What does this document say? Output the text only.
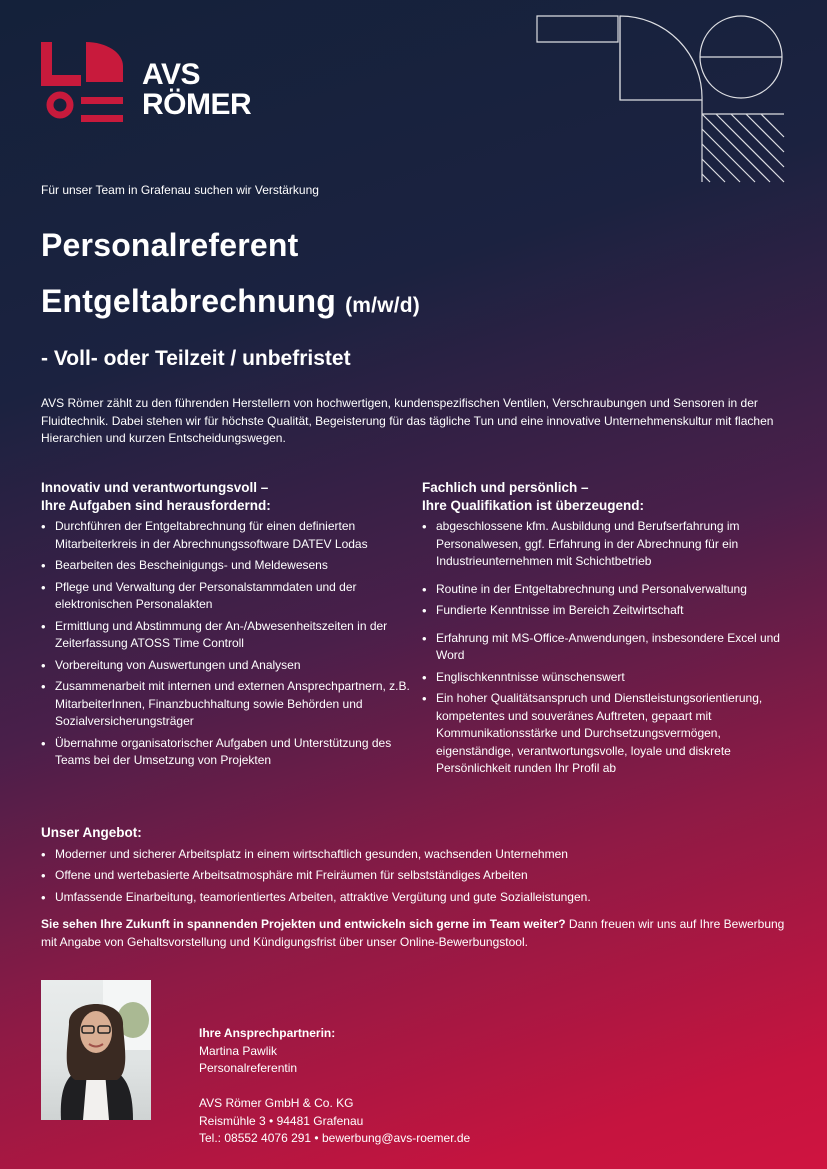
AVS
RÖMER
Für unser Team in Grafenau suchen wir Verstärkung
Personalreferent
Entgeltabrechnung (m/w/d)
- Voll- oder Teilzeit / unbefristet
AVS Römer zählt zu den führenden Herstellern von hochwertigen, kundenspezifischen Ventilen, Verschraubungen und Sensoren in der Fluidtechnik. Dabei stehen wir für höchste Qualität, Begeisterung für das tägliche Tun und eine innovative Unternehmenskultur mit flachen Hierarchien und kurzen Entscheidungswegen.
Innovativ und verantwortungsvoll –
Ihre Aufgaben sind herausfordernd:
• Durchführen der Entgeltabrechnung für einen definierten Mitarbeiterkreis in der Abrechnungssoftware DATEV Lodas
• Bearbeiten des Bescheinigungs- und Meldewesens
• Pflege und Verwaltung der Personalstammdaten und der elektronischen Personalakten
• Ermittlung und Abstimmung der An-/Abwesenheitszeiten in der Zeiterfassung ATOSS Time Controll
• Vorbereitung von Auswertungen und Analysen
• Zusammenarbeit mit internen und externen Ansprechpartnern, z.B. MitarbeiterInnen, Finanzbuchhaltung sowie Behörden und Sozialversicherungsträger
• Übernahme organisatorischer Aufgaben und Unterstützung des Teams bei der Umsetzung von Projekten
Fachlich und persönlich –
Ihre Qualifikation ist überzeugend:
• abgeschlossene kfm. Ausbildung und Berufserfahrung im Personalwesen, ggf. Erfahrung in der Abrechnung für ein Industrieunternehmen mit Schichtbetrieb
• Routine in der Entgeltabrechnung und Personalverwaltung
• Fundierte Kenntnisse im Bereich Zeitwirtschaft
• Erfahrung mit MS-Office-Anwendungen, insbesondere Excel und Word
• Englischkenntnisse wünschenswert
• Ein hoher Qualitätsanspruch und Dienstleistungsorientierung, kompetentes und souveränes Auftreten, gepaart mit Kommunikationsstärke und Durchsetzungsvermögen, eigenständige, verantwortungsvolle, loyale und diskrete Persönlichkeit runden Ihr Profil ab
Unser Angebot:
• Moderner und sicherer Arbeitsplatz in einem wirtschaftlich gesunden, wachsenden Unternehmen
• Offene und wertebasierte Arbeitsatmosphäre mit Freiräumen für selbstständiges Arbeiten
• Umfassende Einarbeitung, teamorientiertes Arbeiten, attraktive Vergütung und gute Sozialleistungen.
Sie sehen Ihre Zukunft in spannenden Projekten und entwickeln sich gerne im Team weiter? Dann freuen wir uns auf Ihre Bewerbung mit Angabe von Gehaltsvorstellung und Kündigungsfrist über unser Online-Bewerbungstool.
Ihre Ansprechpartnerin:
Martina Pawlik
Personalreferentin
AVS Römer GmbH & Co. KG
Reismühle 3 • 94481 Grafenau
Tel.: 08552 4076 291 • bewerbung@avs-roemer.de
